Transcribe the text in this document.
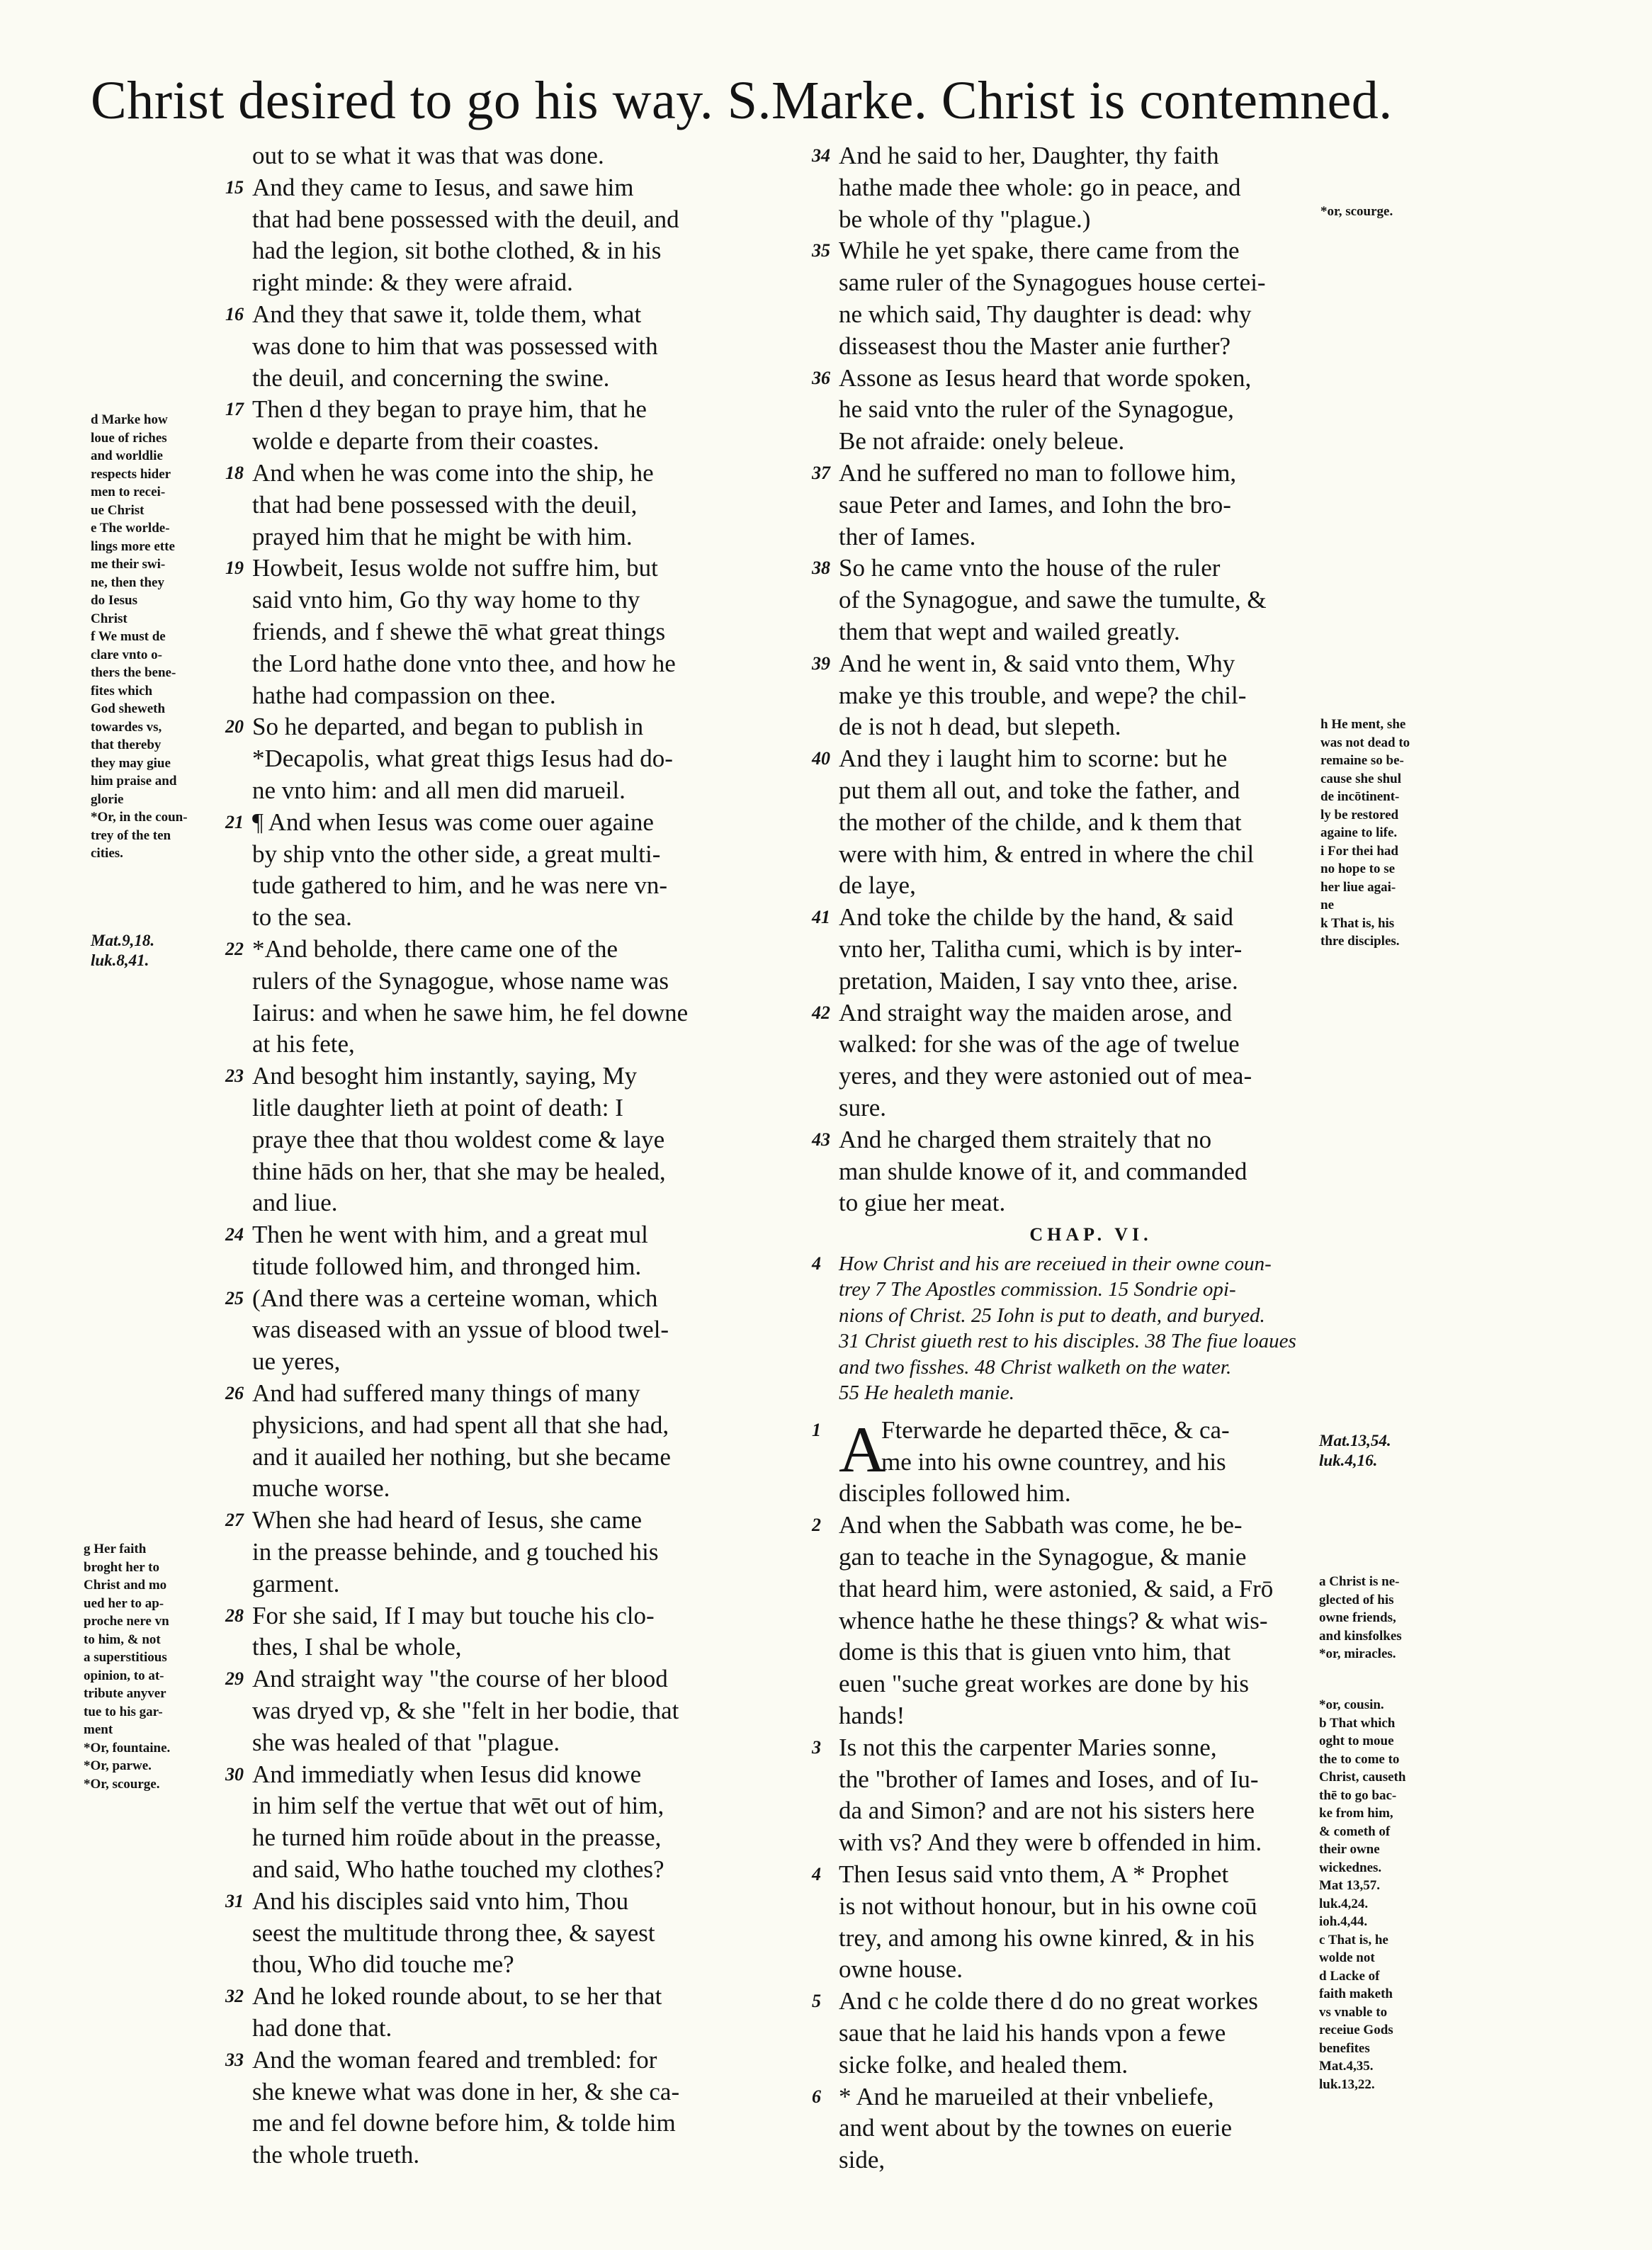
Christ desired to go his way. S.Marke. Christ is contemned.
out to se what it was that was done.
15 And they came to Iesus, and sawe him
that had bene possessed with the deuil, and
had the legion, sit bothe clothed, & in his
right minde: & they were afraid.
16 And they that sawe it, tolde them, what
was done to him that was possessed with
the deuil, and concerning the swine.
17 Then d they began to praye him, that he
wolde e departe from their coastes.
18 And when he was come into the ship, he
that had bene possessed with the deuil,
prayed him that he might be with him.
19 Howbeit, Iesus wolde not suffre him, but
said vnto him, Go thy way home to thy
friends, and f shewe thē what great things
the Lord hathe done vnto thee, and how he
hathe had compassion on thee.
20 So he departed, and began to publish in
*Decapolis, what great thigs Iesus had do-
ne vnto him: and all men did marueil.
21 ¶ And when Iesus was come ouer againe
by ship vnto the other side, a great multi-
tude gathered to him, and he was nere vn-
to the sea.
22 *And beholde, there came one of the
rulers of the Synagogue, whose name was
Iairus: and when he sawe him, he fel downe
at his fete,
23 And besoght him instantly, saying, My
litle daughter lieth at point of death: I
praye thee that thou woldest come & laye
thine hāds on her, that she may be healed,
and liue.
24 Then he went with him, and a great mul
titude followed him, and thronged him.
25 (And there was a certeine woman, which
was diseased with an yssue of blood twel-
ue yeres,
26 And had suffered many things of many
physicions, and had spent all that she had,
and it auailed her nothing, but she became
muche worse.
27 When she had heard of Iesus, she came
in the preasse behinde, and g touched his
garment.
28 For she said, If I may but touche his clo-
thes, I shal be whole,
29 And straight way "the course of her blood
was dryed vp, & she "felt in her bodie, that
she was healed of that "plague.
30 And immediatly when Iesus did knowe
in him self the vertue that wēt out of him,
he turned him roūde about in the preasse,
and said, Who hathe touched my clothes?
31 And his disciples said vnto him, Thou
seest the multitude throng thee, & sayest
thou, Who did touche me?
32 And he loked rounde about, to se her that
had done that.
33 And the woman feared and trembled: for
she knewe what was done in her, & she ca-
me and fel downe before him, & tolde him
the whole trueth.
34 And he said to her, Daughter, thy faith
hathe made thee whole: go in peace, and
be whole of thy "plague.)
35 While he yet spake, there came from the
same ruler of the Synagogues house certei-
ne which said, Thy daughter is dead: why
disseasest thou the Master anie further?
36 Assone as Iesus heard that worde spoken,
he said vnto the ruler of the Synagogue,
Be not afraide: onely beleue.
37 And he suffered no man to followe him,
saue Peter and Iames, and Iohn the bro-
ther of Iames.
38 So he came vnto the house of the ruler
of the Synagogue, and sawe the tumulte, &
them that wept and wailed greatly.
39 And he went in, & said vnto them, Why
make ye this trouble, and wepe? the chil-
de is not h dead, but slepeth.
40 And they i laught him to scorne: but he
put them all out, and toke the father, and
the mother of the childe, and k them that
were with him, & entred in where the chil
de laye,
41 And toke the childe by the hand, & said
vnto her, Talitha cumi, which is by inter-
pretation, Maiden, I say vnto thee, arise.
42 And straight way the maiden arose, and
walked: for she was of the age of twelue
yeres, and they were astonied out of mea-
sure.
43 And he charged them straitely that no
man shulde knowe of it, and commanded
to giue her meat.
CHAP. VI.
4 How Christ and his are receiued in their owne coun-
trey 7 The Apostles commission. 15 Sondrie opi-
nions of Christ. 25 Iohn is put to death, and buryed.
31 Christ giueth rest to his disciples. 38 The fiue loaues
and two fisshes. 48 Christ walketh on the water.
55 He healeth manie.
A
1	Fterwarde he departed thēce, & ca-
me into his owne countrey, and his
disciples followed him.
2 And when the Sabbath was come, he be-
gan to teache in the Synagogue, & manie
that heard him, were astonied, & said, a Frō
whence hathe he these things? & what wis-
dome is this that is giuen vnto him, that
euen "suche great workes are done by his
hands!
3 Is not this the carpenter Maries sonne,
the "brother of Iames and Ioses, and of Iu-
da and Simon? and are not his sisters here
with vs? And they were b offended in him.
4 Then Iesus said vnto them, A * Prophet
is not without honour, but in his owne coū
trey, and among his owne kinred, & in his
owne house.
5 And c he colde there d do no great workes
saue that he laid his hands vpon a fewe
sicke folke, and healed them.
6 * And he marueiled at their vnbeliefe,
and went about by the townes on euerie
side,
d Marke how
loue of riches
and worldlie
respects hider
men to recei-
ue Christ
e The worlde-
lings more ette
me their swi-
ne, then they
do Iesus
Christ
f We must de
clare vnto o-
thers the bene-
fites which
God sheweth
towardes vs,
that thereby
they may giue
him praise and
glorie
*Or, in the coun-
trey of the ten
cities.
Mat.9,18.
luk.8,41.
g Her faith
broght her to
Christ and mo
ued her to ap-
proche nere vn
to him, & not
a superstitious
opinion, to at-
tribute anyver
tue to his gar-
ment
*Or, fountaine.
*Or, parwe.
*Or, scourge.
*or, scourge.
h He ment, she
was not dead to
remaine so be-
cause she shul
de incōtinent-
ly be restored
againe to life.
i For thei had
no hope to se
her liue agai-
ne
k That is, his
thre disciples.
Mat.13,54.
luk.4,16.
a Christ is ne-
glected of his
owne friends,
and kinsfolkes
*or, miracles.
*or, cousin.
b That which
oght to moue
the to come to
Christ, causeth
thē to go bac-
ke from him,
& cometh of
their owne
wickednes.
Mat 13,57.
luk.4,24.
ioh.4,44.
c That is, he
wolde not
d Lacke of
faith maketh
vs vnable to
receiue Gods
benefites
Mat.4,35.
luk.13,22.
